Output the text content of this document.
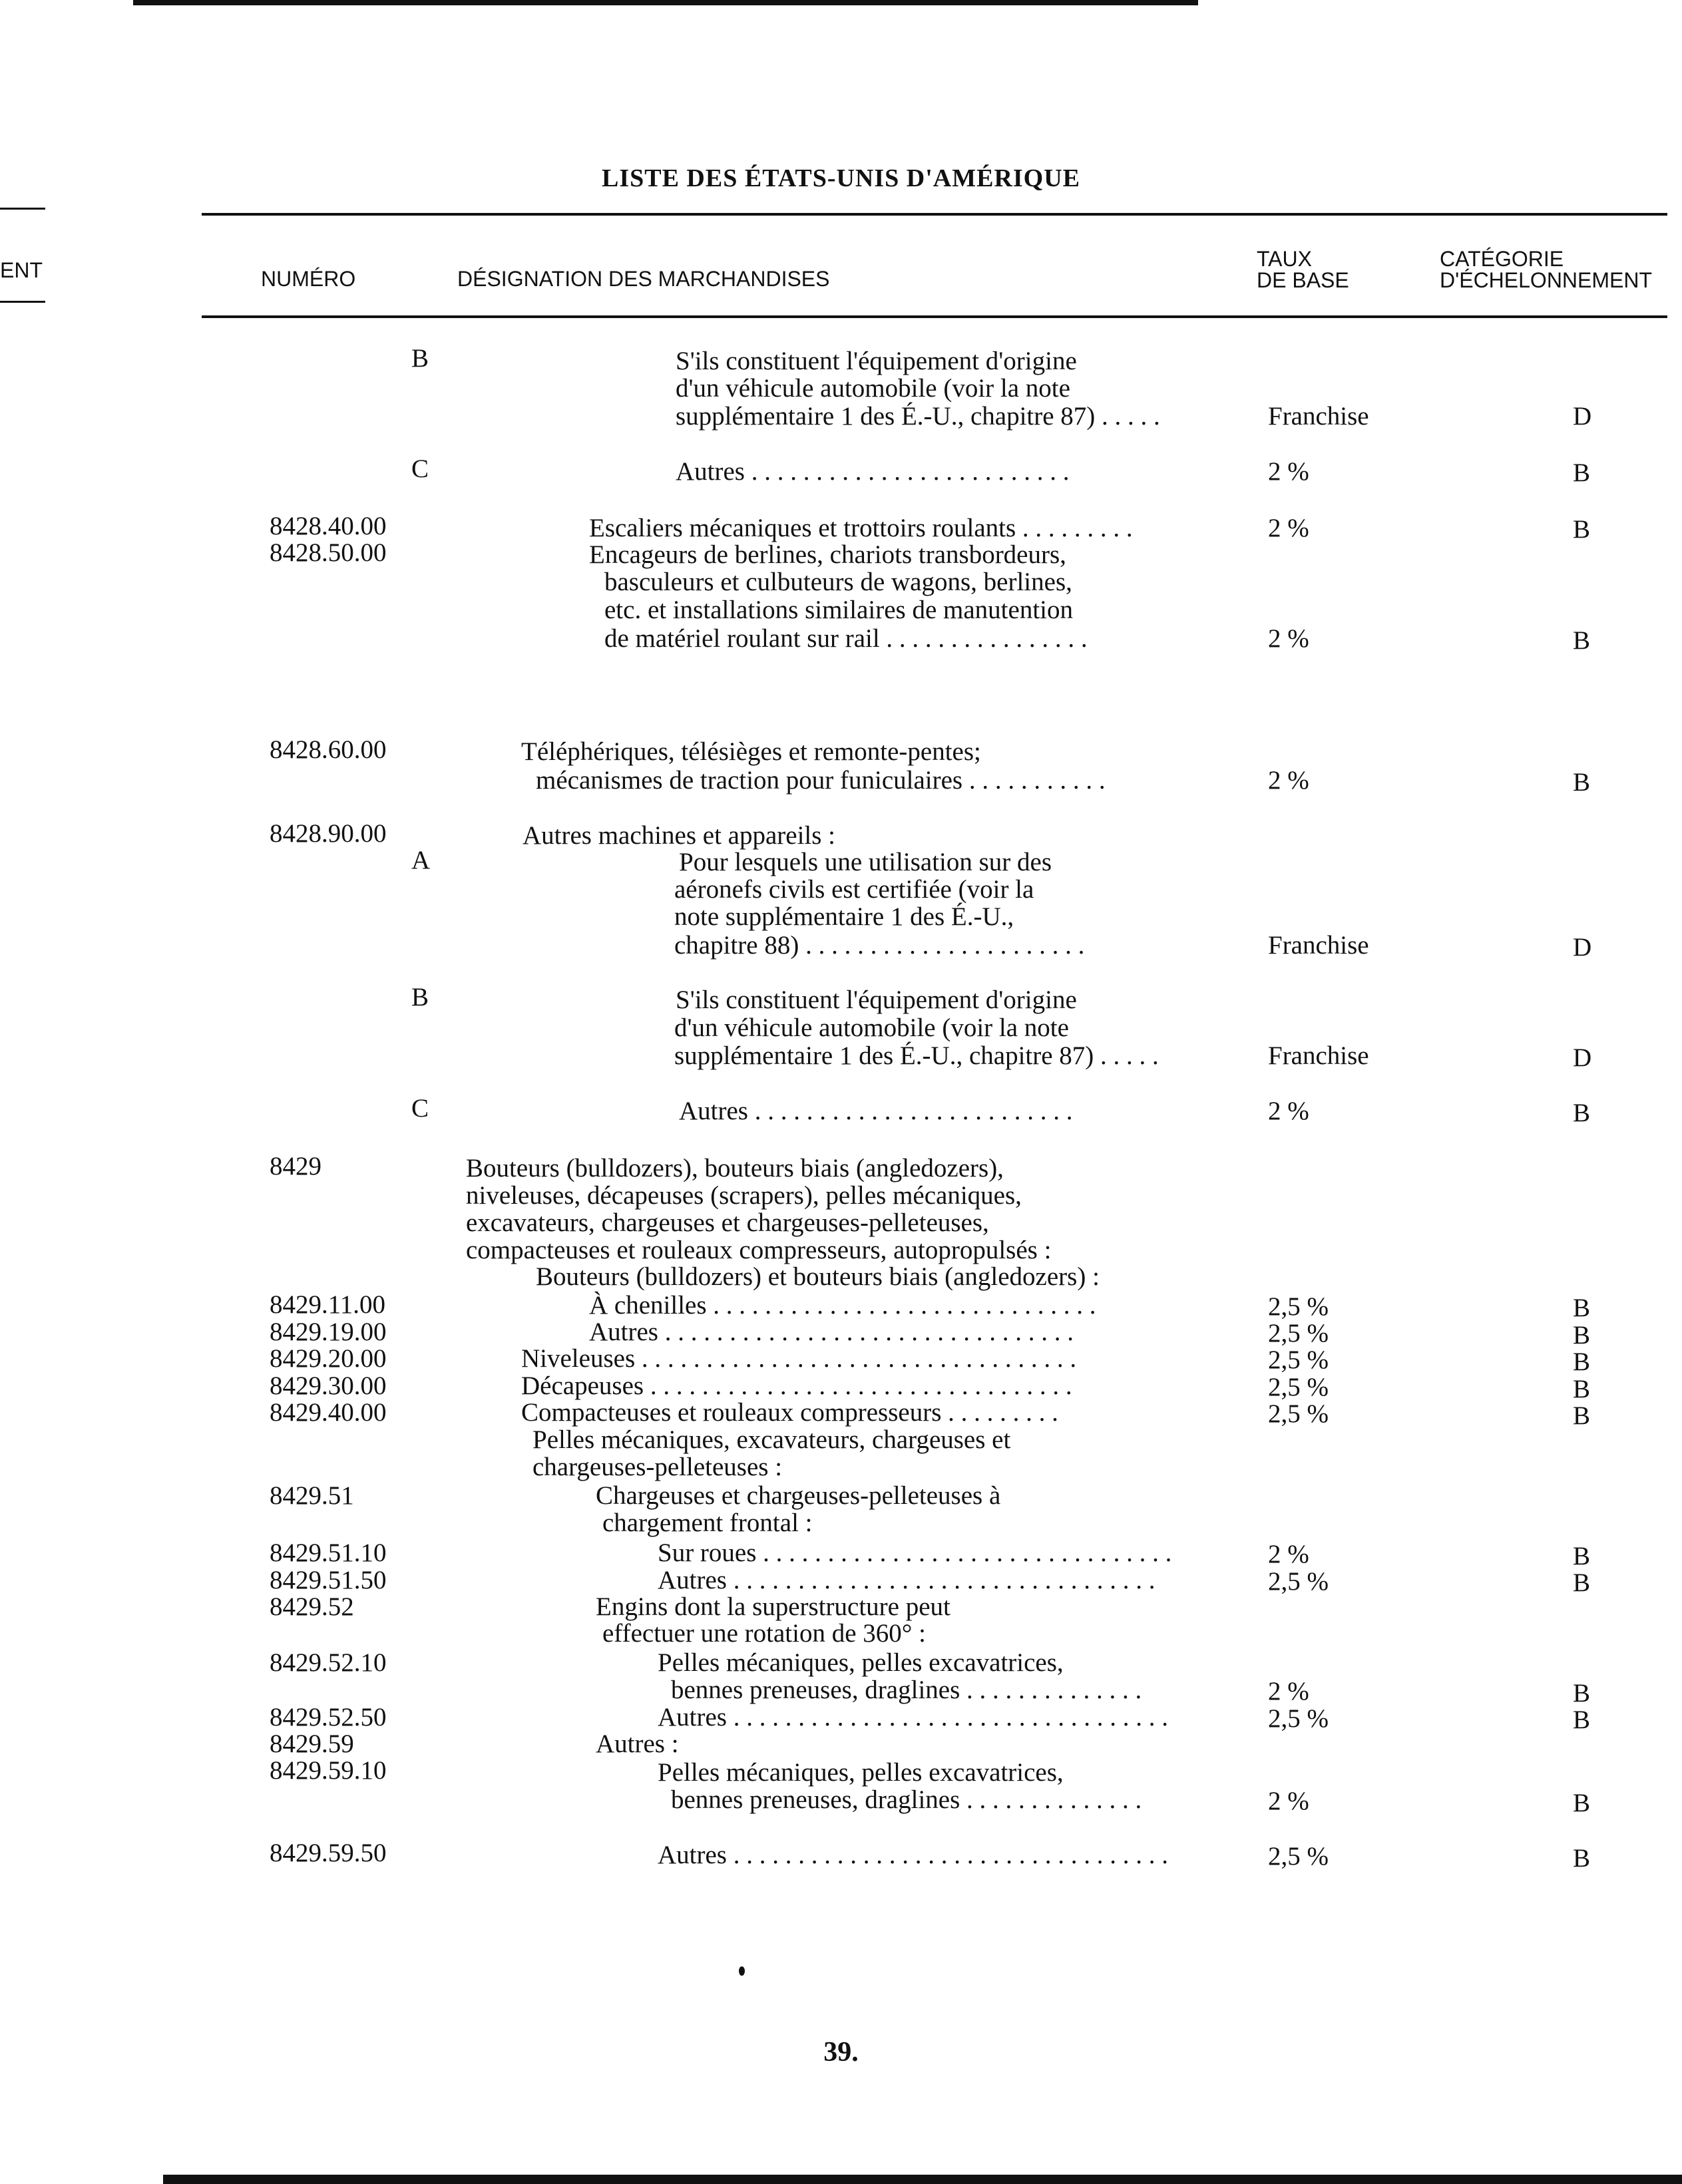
ENT
LISTE DES ÉTATS-UNIS D'AMÉRIQUE
NUMÉRO	DÉSIGNATION DES MARCHANDISES
TAUX
DE BASE
CATÉGORIE
D'ÉCHELONNEMENT
B	S'ils constituent l'équipement d'origine
d'un véhicule automobile (voir la note
supplémentaire 1 des É.-U., chapitre 87) . . . . .	Franchise	D
C	Autres . . . . . . . . . . . . . . . . . . . . . . . . .	2 %	B
8428.40.00	Escaliers mécaniques et trottoirs roulants . . . . . . . . .	2 %	B
8428.50.00	Encageurs de berlines, chariots transbordeurs,
basculeurs et culbuteurs de wagons, berlines,
etc. et installations similaires de manutention
de matériel roulant sur rail . . . . . . . . . . . . . . . .	2 %	B
8428.60.00	Téléphériques, télésièges et remonte-pentes;
mécanismes de traction pour funiculaires . . . . . . . . . . .	2 %	B
8428.90.00	Autres machines et appareils :
A	Pour lesquels une utilisation sur des
aéronefs civils est certifiée (voir la
note supplémentaire 1 des É.-U.,
chapitre 88) . . . . . . . . . . . . . . . . . . . . . .	Franchise	D
B	S'ils constituent l'équipement d'origine
d'un véhicule automobile (voir la note
supplémentaire 1 des É.-U., chapitre 87) . . . . .	Franchise	D
C	Autres . . . . . . . . . . . . . . . . . . . . . . . . .	2 %	B
8429	Bouteurs (bulldozers), bouteurs biais (angledozers),
niveleuses, décapeuses (scrapers), pelles mécaniques,
excavateurs, chargeuses et chargeuses-pelleteuses,
compacteuses et rouleaux compresseurs, autopropulsés :
Bouteurs (bulldozers) et bouteurs biais (angledozers) :
8429.11.00	À chenilles . . . . . . . . . . . . . . . . . . . . . . . . . . . . . .	2,5 %	B
8429.19.00	Autres . . . . . . . . . . . . . . . . . . . . . . . . . . . . . . . .	2,5 %	B
8429.20.00	Niveleuses . . . . . . . . . . . . . . . . . . . . . . . . . . . . . . . . . .	2,5 %	B
8429.30.00	Décapeuses . . . . . . . . . . . . . . . . . . . . . . . . . . . . . . . . .	2,5 %	B
8429.40.00	Compacteuses et rouleaux compresseurs . . . . . . . . .	2,5 %	B
Pelles mécaniques, excavateurs, chargeuses et
chargeuses-pelleteuses :
8429.51	Chargeuses et chargeuses-pelleteuses à
chargement frontal :
8429.51.10	Sur roues . . . . . . . . . . . . . . . . . . . . . . . . . . . . . . . .	2 %	B
8429.51.50	Autres . . . . . . . . . . . . . . . . . . . . . . . . . . . . . . . . .	2,5 %	B
8429.52	Engins dont la superstructure peut
effectuer une rotation de 360° :
8429.52.10	Pelles mécaniques, pelles excavatrices,
bennes preneuses, draglines . . . . . . . . . . . . . .	2 %	B
8429.52.50	Autres . . . . . . . . . . . . . . . . . . . . . . . . . . . . . . . . . .	2,5 %	B
8429.59	Autres :
8429.59.10	Pelles mécaniques, pelles excavatrices,
bennes preneuses, draglines . . . . . . . . . . . . . .	2 %	B
8429.59.50	Autres . . . . . . . . . . . . . . . . . . . . . . . . . . . . . . . . . .	2,5 %	B
39.
